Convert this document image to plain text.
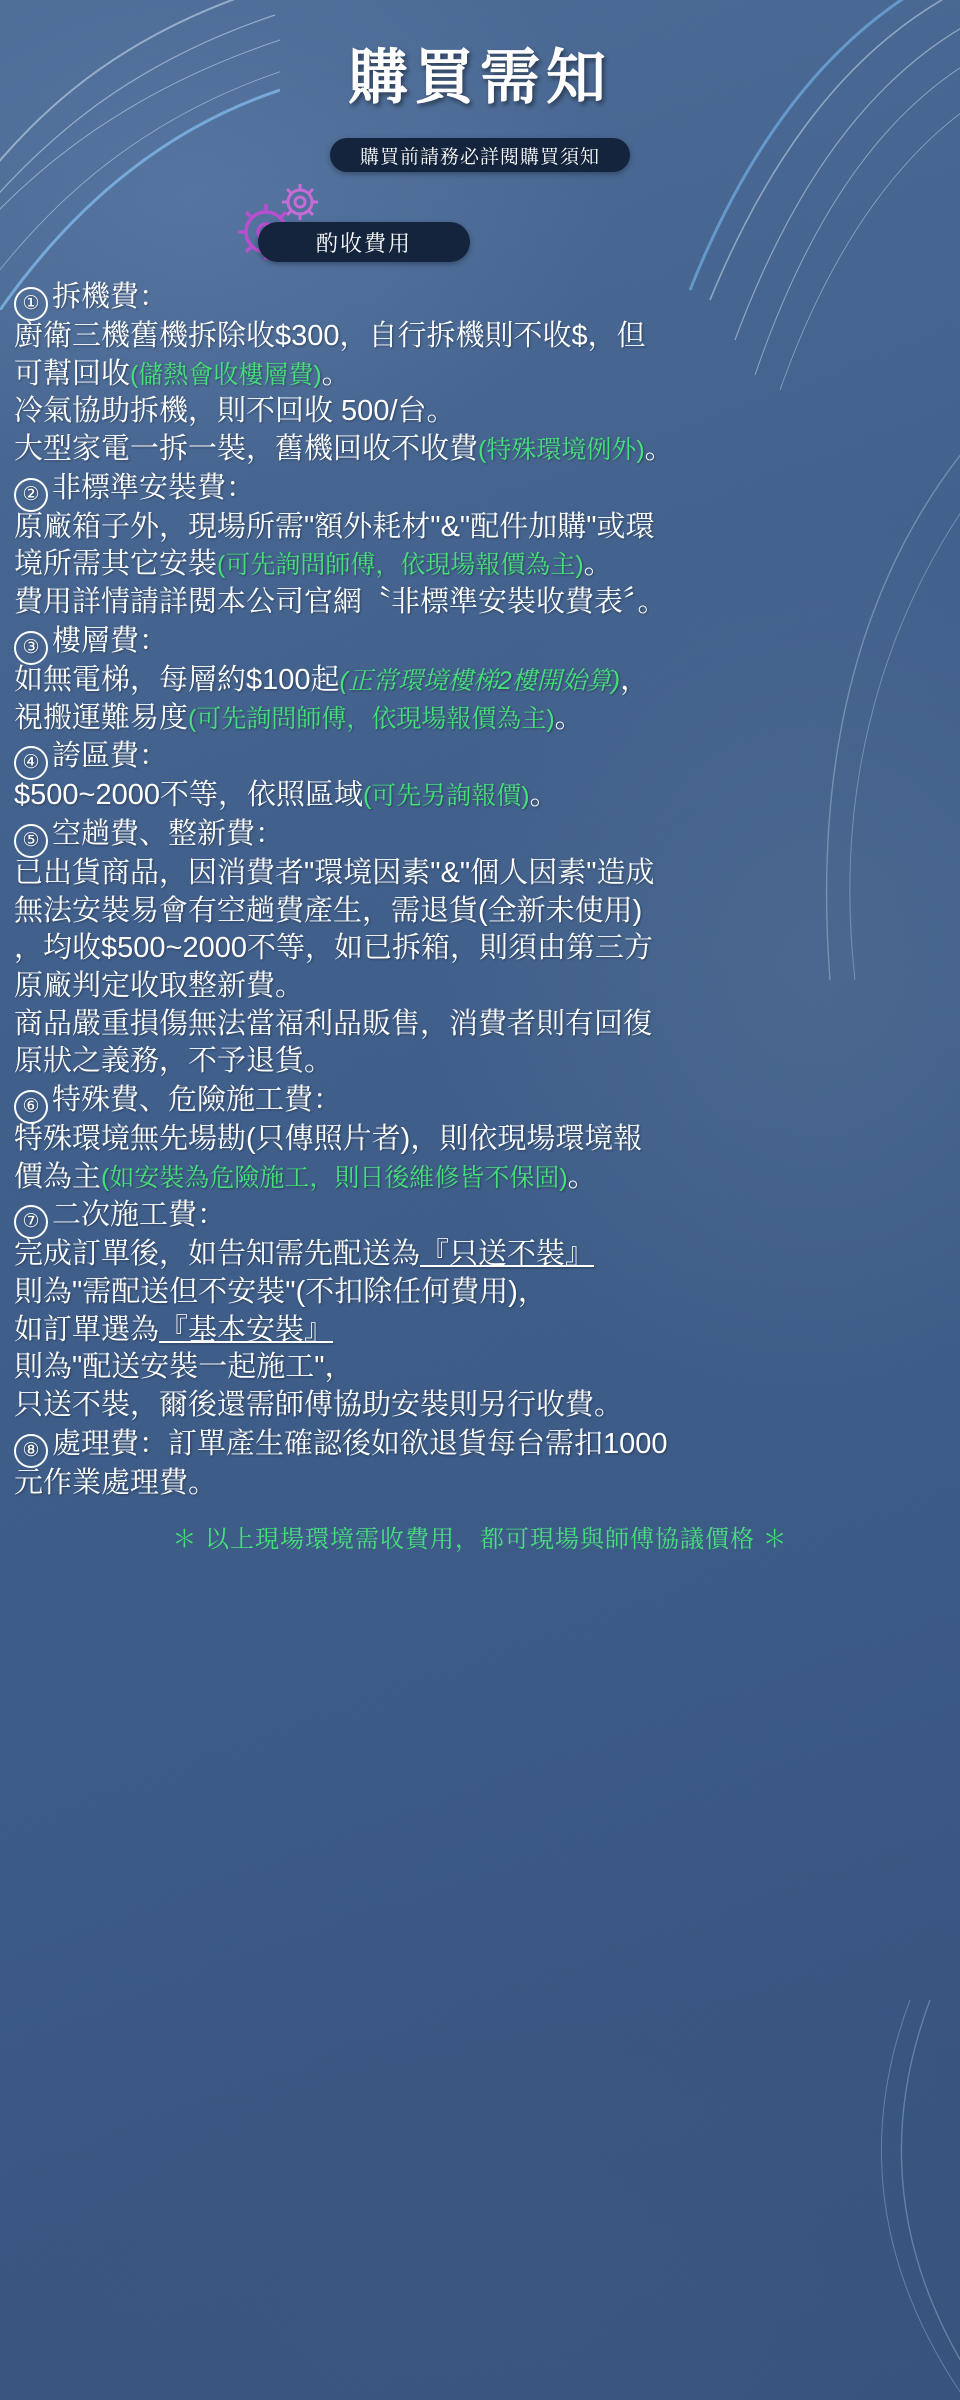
購買需知
購買前請務必詳閱購買須知
酌收費用
① 拆機費：
廚衛三機舊機拆除收$300，自行拆機則不收$，但
可幫回收(儲熱會收樓層費)。
冷氣協助拆機，則不回收 500/台。
大型家電一拆一裝，舊機回收不收費(特殊環境例外)。
② 非標準安裝費：
原廠箱子外，現場所需"額外耗材"&"配件加購"或環
境所需其它安裝(可先詢問師傅，依現場報價為主)。
費用詳情請詳閱本公司官網〝非標準安裝收費表〞。
③ 樓層費：
如無電梯，每層約$100起(正常環境樓梯2樓開始算)，
視搬運難易度(可先詢問師傅，依現場報價為主)。
④ 誇區費：
$500~2000不等，依照區域(可先另詢報價)。
⑤ 空趟費、整新費：
已出貨商品，因消費者"環境因素"&"個人因素"造成
無法安裝易會有空趟費產生，需退貨(全新未使用)
，均收$500~2000不等，如已拆箱，則須由第三方
原廠判定收取整新費。
商品嚴重損傷無法當福利品販售，消費者則有回復
原狀之義務，不予退貨。
⑥ 特殊費、危險施工費：
特殊環境無先場勘(只傳照片者)，則依現場環境報
價為主(如安裝為危險施工，則日後維修皆不保固)。
⑦ 二次施工費：
完成訂單後，如告知需先配送為『只送不裝』
則為"需配送但不安裝"(不扣除任何費用)，
如訂單選為『基本安裝』
則為"配送安裝一起施工"，
只送不裝，爾後還需師傅協助安裝則另行收費。
⑧ 處理費：訂單產生確認後如欲退貨每台需扣1000
元作業處理費。
＊ 以上現場環境需收費用，都可現場與師傅協議價格 ＊
